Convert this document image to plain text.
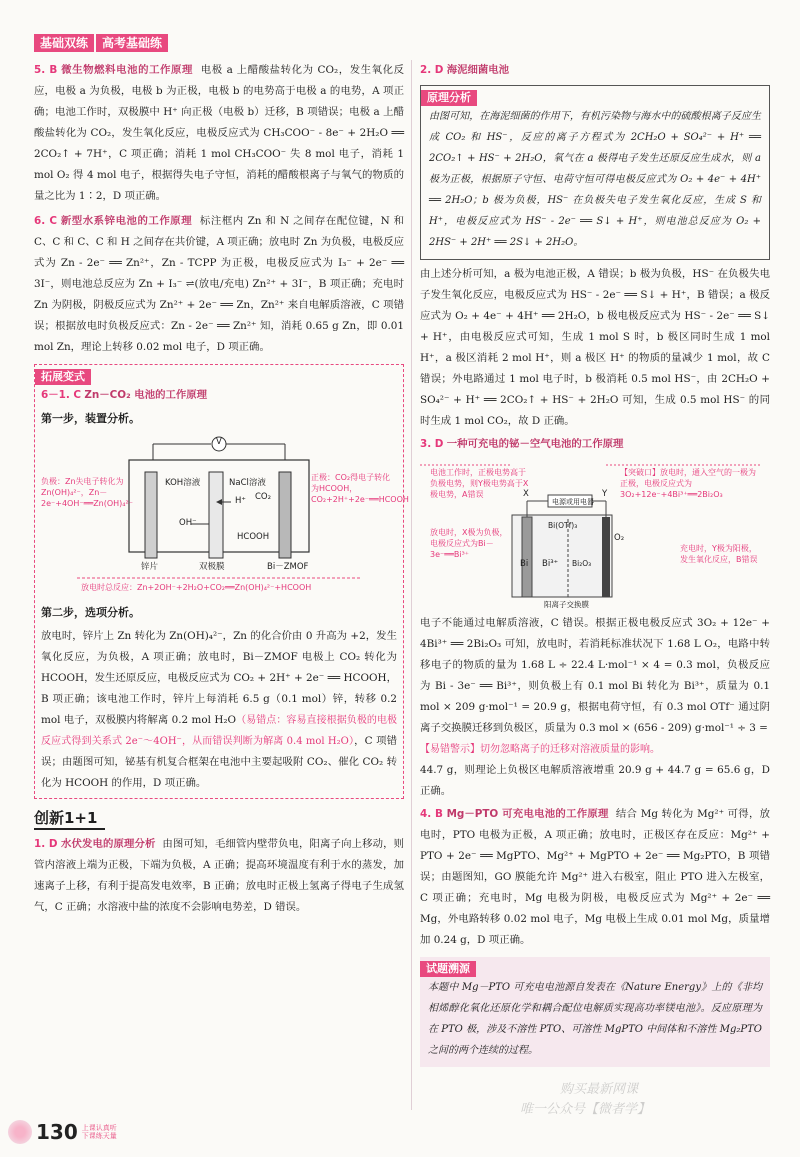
基础双练	高考基础练

5. B 微生物燃料电池的工作原理 电极 a 上醋酸盐转化为 CO₂，发生氧化反应，电极 a 为负极，电极 b 为正极，电极 b 的电势高于电极 a 的电势，A 项正确；电池工作时，双极膜中 H⁺ 向正极（电极 b）迁移，B 项错误；电极 a 上醋酸盐转化为 CO₂，发生氧化反应，电极反应式为 CH₃COO⁻ - 8e⁻ + 2H₂O ══ 2CO₂↑ + 7H⁺，C 项正确；消耗 1 mol CH₃COO⁻ 失 8 mol 电子，消耗 1 mol O₂ 得 4 mol 电子，根据得失电子守恒，消耗的醋酸根离子与氧气的物质的量之比为 1∶2，D 项正确。

6. C 新型水系锌电池的工作原理 标注框内 Zn 和 N 之间存在配位键，N 和 C、C 和 C、C 和 H 之间存在共价键，A 项正确；放电时 Zn 为负极，电极反应式为 Zn - 2e⁻ ══ Zn²⁺，Zn - TCPP 为正极，电极反应式为 I₃⁻ + 2e⁻ ══ 3I⁻，则电池总反应为 Zn + I₃⁻ ⇌(放电/充电) Zn²⁺ + 3I⁻，B 项正确；充电时 Zn 为阴极，阴极反应式为 Zn²⁺ + 2e⁻ ══ Zn，Zn²⁺ 来自电解质溶液，C 项错误；根据放电时负极反应式：Zn - 2e⁻ ══ Zn²⁺ 知，消耗 0.65 g Zn，即 0.01 mol Zn，理论上转移 0.02 mol 电子，D 项正确。

拓展变式

6－1. C Zn－CO₂ 电池的工作原理

第一步，装置分析。
V
KOH溶液	NaCl溶液
OH⁻
H⁺ CO₂
HCOOH
锌片	双极膜	Bi－ZMOF
负极：Zn失电子转化为Zn(OH)₄²⁻，Zn－2e⁻+4OH⁻══Zn(OH)₄²⁻
正极：CO₂得电子转化为HCOOH，CO₂+2H⁺+2e⁻══HCOOH
放电时总反应：Zn+2OH⁻+2H₂O+CO₂══Zn(OH)₄²⁻+HCOOH
第二步，选项分析。

放电时，锌片上 Zn 转化为 Zn(OH)₄²⁻，Zn 的化合价由 0 升高为 +2，发生氧化反应，为负极，A 项正确；放电时，Bi－ZMOF 电极上 CO₂ 转化为 HCOOH，发生还原反应，电极反应式为 CO₂ + 2H⁺ + 2e⁻ ══ HCOOH，B 项正确；该电池工作时，锌片上每消耗 6.5 g（0.1 mol）锌，转移 0.2 mol 电子，双极膜内将解离 0.2 mol H₂O（易错点：容易直接根据负极的电极反应式得到关系式 2e⁻～4OH⁻，从而错误判断为解离 0.4 mol H₂O），C 项错误；由题图可知，铋基有机复合框架在电池中主要起吸附 CO₂、催化 CO₂ 转化为 HCOOH 的作用，D 项正确。

创新1+1

1. D 水伏发电的原理分析 由图可知，毛细管内壁带负电，阳离子向上移动，则管内溶液上端为正极，下端为负极，A 正确；提高环境温度有利于水的蒸发，加速离子上移，有利于提高发电效率，B 正确；放电时正极上氢离子得电子生成氢气，C 正确；水溶液中盐的浓度不会影响电势差，D 错误。

2. D 海泥细菌电池

原理分析

由图可知，在海泥细菌的作用下，有机污染物与海水中的硫酸根离子反应生成 CO₂ 和 HS⁻，反应的离子方程式为 2CH₂O + SO₄²⁻ + H⁺ ══ 2CO₂↑ + HS⁻ + 2H₂O，氧气在 a 极得电子发生还原反应生成水，则 a 极为正极，根据原子守恒、电荷守恒可得电极反应式为 O₂ + 4e⁻ + 4H⁺ ══ 2H₂O；b 极为负极，HS⁻ 在负极失电子发生氧化反应，生成 S 和 H⁺，电极反应式为 HS⁻ - 2e⁻ ══ S↓ + H⁺，则电池总反应为 O₂ + 2HS⁻ + 2H⁺ ══ 2S↓ + 2H₂O。

由上述分析可知，a 极为电池正极，A 错误；b 极为负极，HS⁻ 在负极失电子发生氧化反应，电极反应式为 HS⁻ - 2e⁻ ══ S↓ + H⁺，B 错误；a 极反应式为 O₂ + 4e⁻ + 4H⁺ ══ 2H₂O，b 极电极反应式为 HS⁻ - 2e⁻ ══ S↓ + H⁺，由电极反应式可知，生成 1 mol S 时，b 极区同时生成 1 mol H⁺，a 极区消耗 2 mol H⁺，则 a 极区 H⁺ 的物质的量减少 1 mol，故 C 错误；外电路通过 1 mol 电子时，b 极消耗 0.5 mol HS⁻，由 2CH₂O + SO₄²⁻ + H⁺ ══ 2CO₂↑ + HS⁻ + 2H₂O 可知，生成 0.5 mol HS⁻ 的同时生成 1 mol CO₂，故 D 正确。

3. D 一种可充电的铋－空气电池的工作原理

电池工作时，正极电势高于负极电势，则Y极电势高于X极电势，A错误
【突破口】放电时，通入空气的一极为正极，电极反应式为3O₂+12e⁻+4Bi³⁺══2Bi₂O₃
放电时，X极为负极，电极反应式为Bi－3e⁻══Bi³⁺
充电时，Y极为阳极，发生氧化反应，B错误
X	Y
电源或用电器
Bi Bi³⁺
Bi(OTf)₃
Bi₂O₃
O₂
阳离子交换膜

电子不能通过电解质溶液，C 错误。根据正极电极反应式 3O₂ + 12e⁻ + 4Bi³⁺ ══ 2Bi₂O₃ 可知，放电时，若消耗标准状况下 1.68 L O₂，电路中转移电子的物质的量为 1.68 L ÷ 22.4 L·mol⁻¹ × 4 = 0.3 mol，负极反应为 Bi - 3e⁻ ══ Bi³⁺，则负极上有 0.1 mol Bi 转化为 Bi³⁺，质量为 0.1 mol × 209 g·mol⁻¹ = 20.9 g，根据电荷守恒，有 0.3 mol OTf⁻ 通过阴离子交换膜迁移到负极区，质量为 0.3 mol × (656 - 209) g·mol⁻¹ ÷ 3 =

【易错警示】切勿忽略离子的迁移对溶液质量的影响。

44.7 g，则理论上负极区电解质溶液增重 20.9 g + 44.7 g = 65.6 g，D 正确。

4. B Mg－PTO 可充电电池的工作原理 结合 Mg 转化为 Mg²⁺ 可得，放电时，PTO 电极为正极，A 项正确；放电时，正极区存在反应：Mg²⁺ + PTO + 2e⁻ ══ MgPTO、Mg²⁺ + MgPTO + 2e⁻ ══ Mg₂PTO，B 项错误；由题图知，GO 膜能允许 Mg²⁺ 进入右极室，阻止 PTO 进入左极室，C 项正确；充电时，Mg 电极为阴极，电极反应式为 Mg²⁺ + 2e⁻ ══ Mg，外电路转移 0.02 mol 电子，Mg 电极上生成 0.01 mol Mg，质量增加 0.24 g，D 项正确。

试题溯源

本题中 Mg－PTO 可充电电池源自发表在《Nature Energy》上的《非均相烯醇化氧化还原化学和耦合配位电解质实现高功率镁电池》。反应原理为在 PTO 极，涉及不溶性 PTO、可溶性 MgPTO 中间体和不溶性 Mg₂PTO 之间的两个连续的过程。

购买最新网课
唯一公众号【微者学】
130 上课认真听
下课练天量
